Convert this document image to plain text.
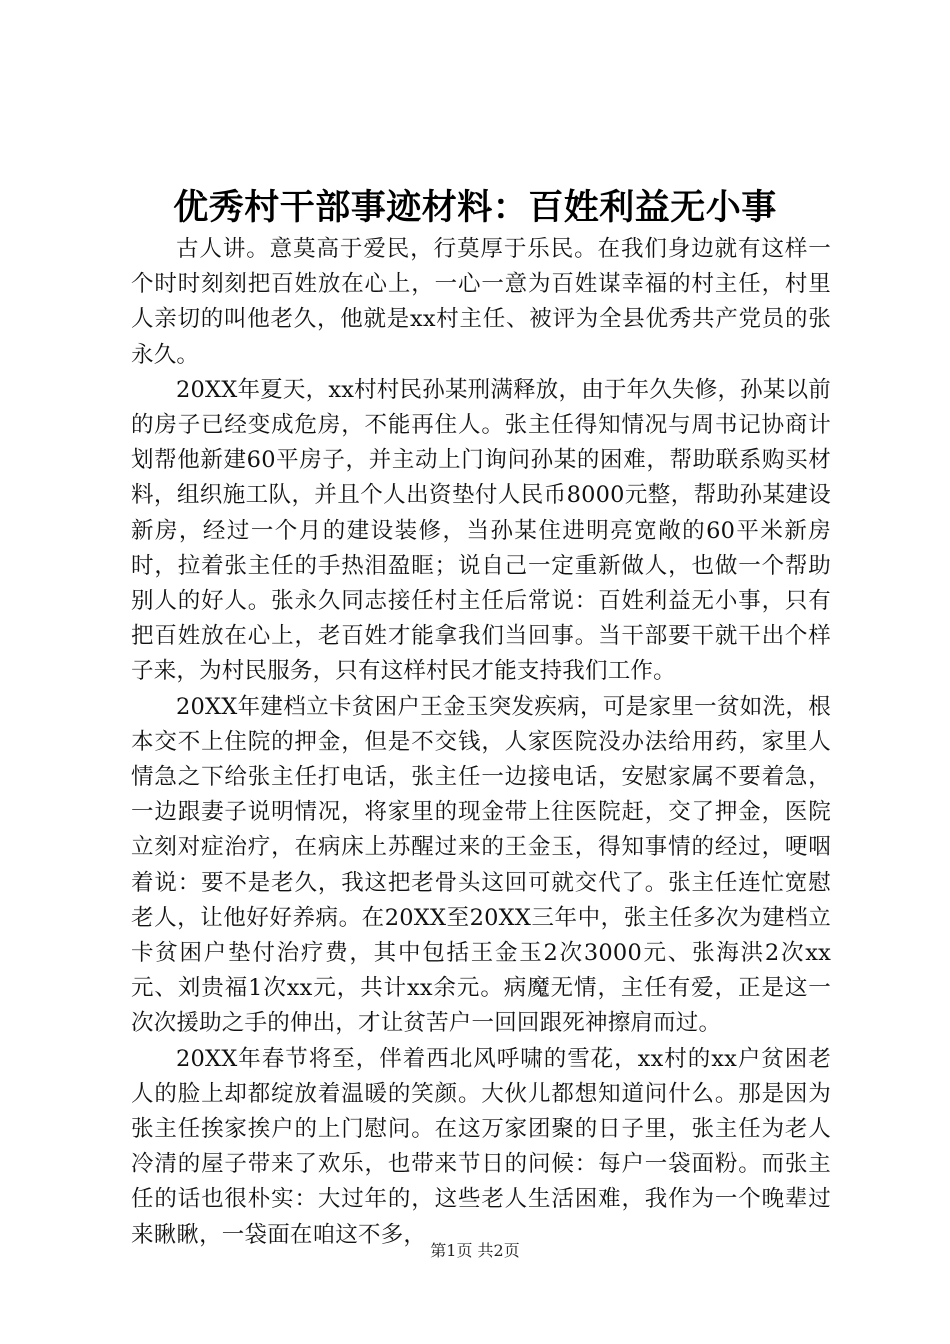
优秀村干部事迹材料：百姓利益无小事

古人讲。意莫高于爱民，行莫厚于乐民。在我们身边就有这样一个时时刻刻把百姓放在心上，一心一意为百姓谋幸福的村主任，村里人亲切的叫他老久，他就是xx村主任、被评为全县优秀共产党员的张永久。

20XX年夏天，xx村村民孙某刑满释放，由于年久失修，孙某以前的房子已经变成危房，不能再住人。张主任得知情况与周书记协商计划帮他新建60平房子，并主动上门询问孙某的困难，帮助联系购买材料，组织施工队，并且个人出资垫付人民币8000元整，帮助孙某建设新房，经过一个月的建设装修，当孙某住进明亮宽敞的60平米新房时，拉着张主任的手热泪盈眶；说自己一定重新做人，也做一个帮助别人的好人。张永久同志接任村主任后常说：百姓利益无小事，只有把百姓放在心上，老百姓才能拿我们当回事。当干部要干就干出个样子来，为村民服务，只有这样村民才能支持我们工作。

20XX年建档立卡贫困户王金玉突发疾病，可是家里一贫如洗，根本交不上住院的押金，但是不交钱，人家医院没办法给用药，家里人情急之下给张主任打电话，张主任一边接电话，安慰家属不要着急，一边跟妻子说明情况，将家里的现金带上往医院赶，交了押金，医院立刻对症治疗，在病床上苏醒过来的王金玉，得知事情的经过，哽咽着说：要不是老久，我这把老骨头这回可就交代了。张主任连忙宽慰老人，让他好好养病。在20XX至20XX三年中，张主任多次为建档立卡贫困户垫付治疗费，其中包括王金玉2次3000元、张海洪2次xx元、刘贵福1次xx元，共计xx余元。病魔无情，主任有爱，正是这一次次援助之手的伸出，才让贫苦户一回回跟死神擦肩而过。

20XX年春节将至，伴着西北风呼啸的雪花，xx村的xx户贫困老人的脸上却都绽放着温暖的笑颜。大伙儿都想知道问什么。那是因为张主任挨家挨户的上门慰问。在这万家团聚的日子里，张主任为老人冷清的屋子带来了欢乐，也带来节日的问候：每户一袋面粉。而张主任的话也很朴实：大过年的，这些老人生活困难，我作为一个晚辈过来瞅瞅，一袋面在咱这不多，

第1页 共2页
